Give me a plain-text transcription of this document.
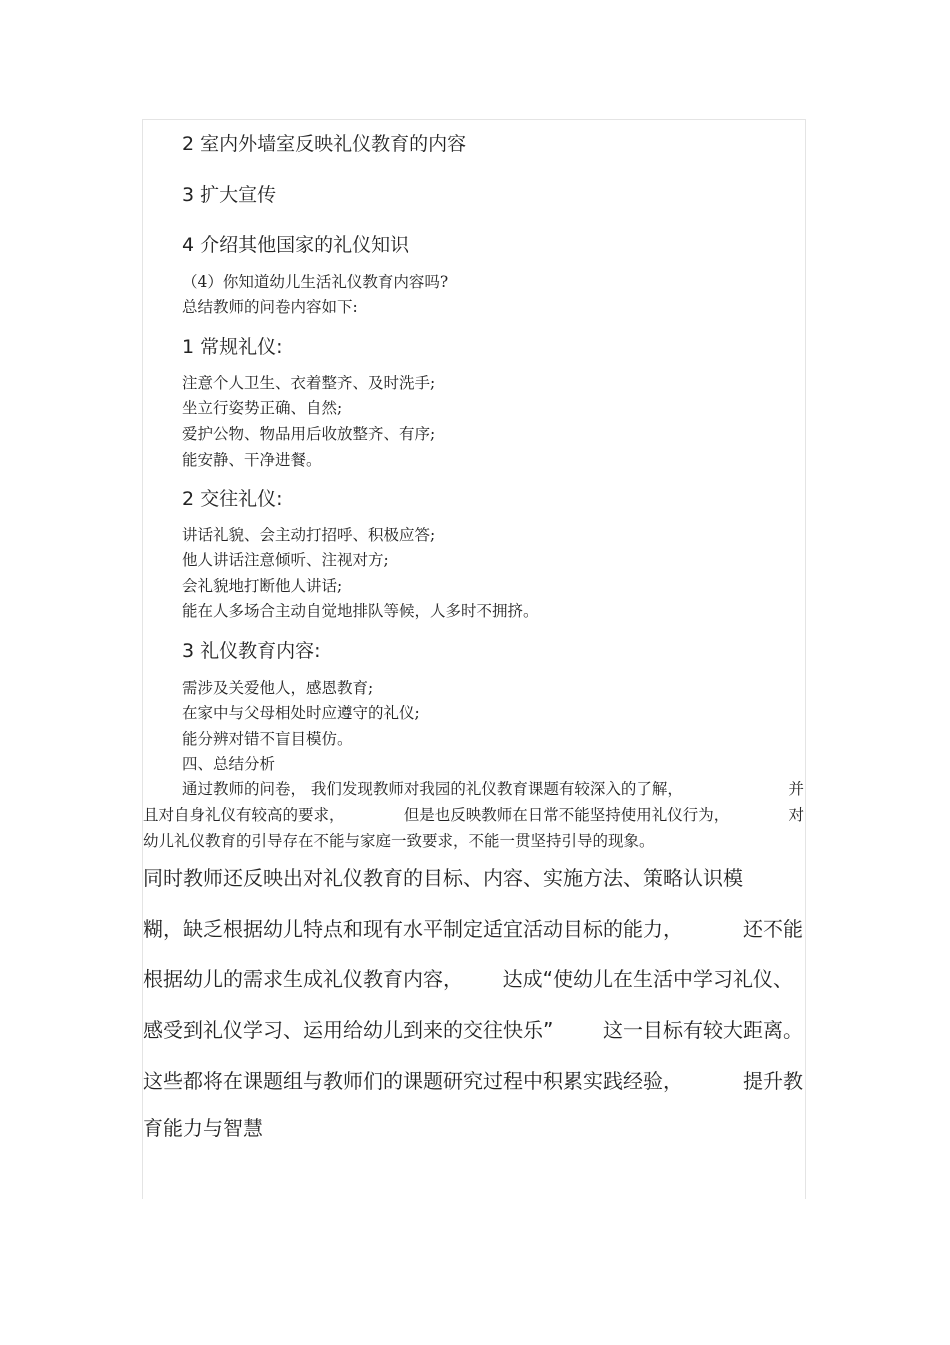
2 室内外墙室反映礼仪教育的内容
3 扩大宣传
4 介绍其他国家的礼仪知识
（4）你知道幼儿生活礼仪教育内容吗?
总结教师的问卷内容如下:
1 常规礼仪:
注意个人卫生、衣着整齐、及时洗手;
坐立行姿势正确、自然;
爱护公物、物品用后收放整齐、有序;
能安静、干净进餐。
2 交往礼仪:
讲话礼貌、会主动打招呼、积极应答;
他人讲话注意倾听、注视对方;
会礼貌地打断他人讲话;
能在人多场合主动自觉地排队等候，人多时不拥挤。
3 礼仪教育内容:
需涉及关爱他人，感恩教育;
在家中与父母相处时应遵守的礼仪;
能分辨对错不盲目模仿。
四、总结分析
通过教师的问卷， 我们发现教师对我园的礼仪教育课题有较深入的了解，	并
且对自身礼仪有较高的要求，	但是也反映教师在日常不能坚持使用礼仪行为，	对
幼儿礼仪教育的引导存在不能与家庭一致要求，不能一贯坚持引导的现象。
同时教师还反映出对礼仪教育的目标、内容、实施方法、策略认识模
糊，缺乏根据幼儿特点和现有水平制定适宜活动目标的能力，	还不能
根据幼儿的需求生成礼仪教育内容， 达成“使幼儿在生活中学习礼仪、
感受到礼仪学习、运用给幼儿到来的交往快乐” 这一目标有较大距离。
这些都将在课题组与教师们的课题研究过程中积累实践经验，	提升教
育能力与智慧
